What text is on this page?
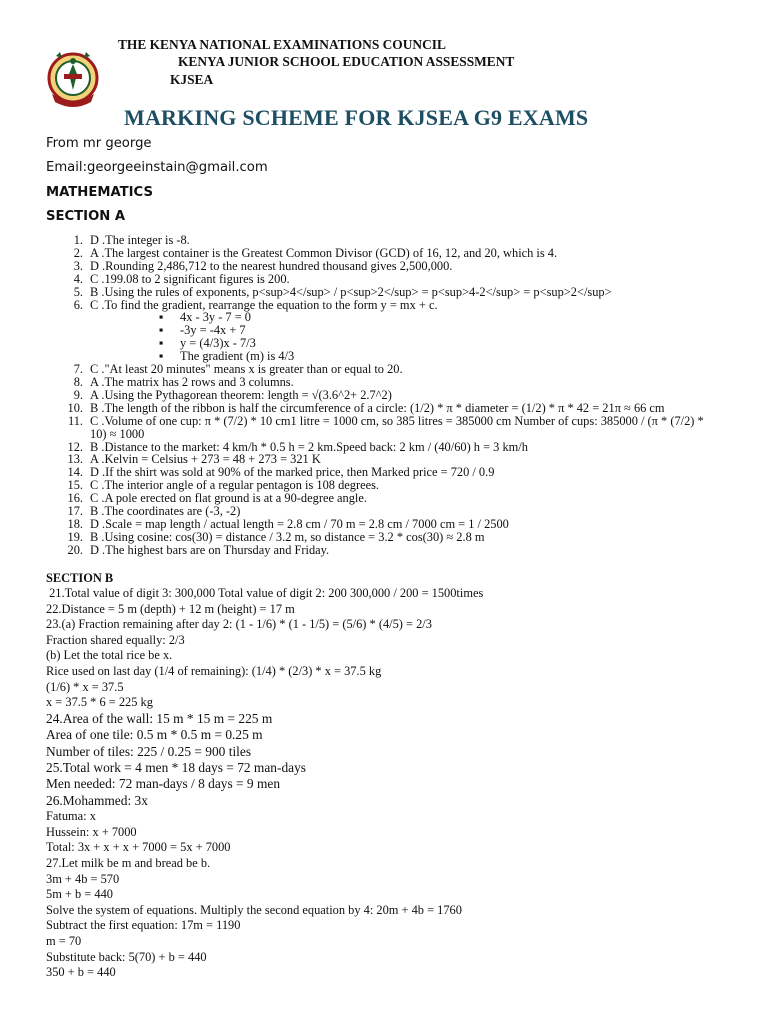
THE KENYA NATIONAL EXAMINATIONS COUNCIL
KENYA JUNIOR SCHOOL EDUCATION ASSESSMENT
KJSEA
MARKING SCHEME FOR KJSEA G9 EXAMS
From mr george
Email:georgeeinstain@gmail.com
MATHEMATICS
SECTION A
1. D .The integer is -8.
2. A .The largest container is the Greatest Common Divisor (GCD) of 16, 12, and 20, which is 4.
3. D .Rounding 2,486,712 to the nearest hundred thousand gives 2,500,000.
4. C .199.08 to 2 significant figures is 200.
5. B .Using the rules of exponents, p<sup>4</sup> / p<sup>2</sup> = p<sup>4-2</sup> = p<sup>2</sup>
6. C .To find the gradient, rearrange the equation to the form y = mx + c.
▪ 4x - 3y - 7 = 0
▪ -3y = -4x + 7
▪ y = (4/3)x - 7/3
▪ The gradient (m) is 4/3
7. C ."At least 20 minutes" means x is greater than or equal to 20.
8. A .The matrix has 2 rows and 3 columns.
9. A .Using the Pythagorean theorem: length = √(3.6^2+ 2.7^2)
10. B .The length of the ribbon is half the circumference of a circle: (1/2) * π * diameter = (1/2) * π * 42 = 21π ≈ 66 cm
11. C .Volume of one cup: π * (7/2) * 10 cm1 litre = 1000 cm, so 385 litres = 385000 cm Number of cups: 385000 / (π * (7/2) * 10) ≈ 1000
12. B .Distance to the market: 4 km/h * 0.5 h = 2 km.Speed back: 2 km / (40/60) h = 3 km/h
13. A .Kelvin = Celsius + 273 = 48 + 273 = 321 K
14. D .If the shirt was sold at 90% of the marked price, then Marked price = 720 / 0.9
15. C .The interior angle of a regular pentagon is 108 degrees.
16. C .A pole erected on flat ground is at a 90-degree angle.
17. B .The coordinates are (-3, -2)
18. D .Scale = map length / actual length = 2.8 cm / 70 m = 2.8 cm / 7000 cm = 1 / 2500
19. B .Using cosine: cos(30) = distance / 3.2 m, so distance = 3.2 * cos(30) ≈ 2.8 m
20. D .The highest bars are on Thursday and Friday.
SECTION B
21.Total value of digit 3: 300,000 Total value of digit 2: 200 300,000 / 200 = 1500times
22.Distance = 5 m (depth) + 12 m (height) = 17 m
23.(a) Fraction remaining after day 2: (1 - 1/6) * (1 - 1/5) = (5/6) * (4/5) = 2/3
Fraction shared equally: 2/3
(b) Let the total rice be x.
Rice used on last day (1/4 of remaining): (1/4) * (2/3) * x = 37.5 kg
(1/6) * x = 37.5
x = 37.5 * 6 = 225 kg
24.Area of the wall: 15 m * 15 m = 225 m
Area of one tile: 0.5 m * 0.5 m = 0.25 m
Number of tiles: 225 / 0.25 = 900 tiles
25.Total work = 4 men * 18 days = 72 man-days
Men needed: 72 man-days / 8 days = 9 men
26.Mohammed: 3x
Fatuma: x
Hussein: x + 7000
Total: 3x + x + x + 7000 = 5x + 7000
27.Let milk be m and bread be b.
3m + 4b = 570
5m + b = 440
Solve the system of equations. Multiply the second equation by 4: 20m + 4b = 1760
Subtract the first equation: 17m = 1190
m = 70
Substitute back: 5(70) + b = 440
350 + b = 440
